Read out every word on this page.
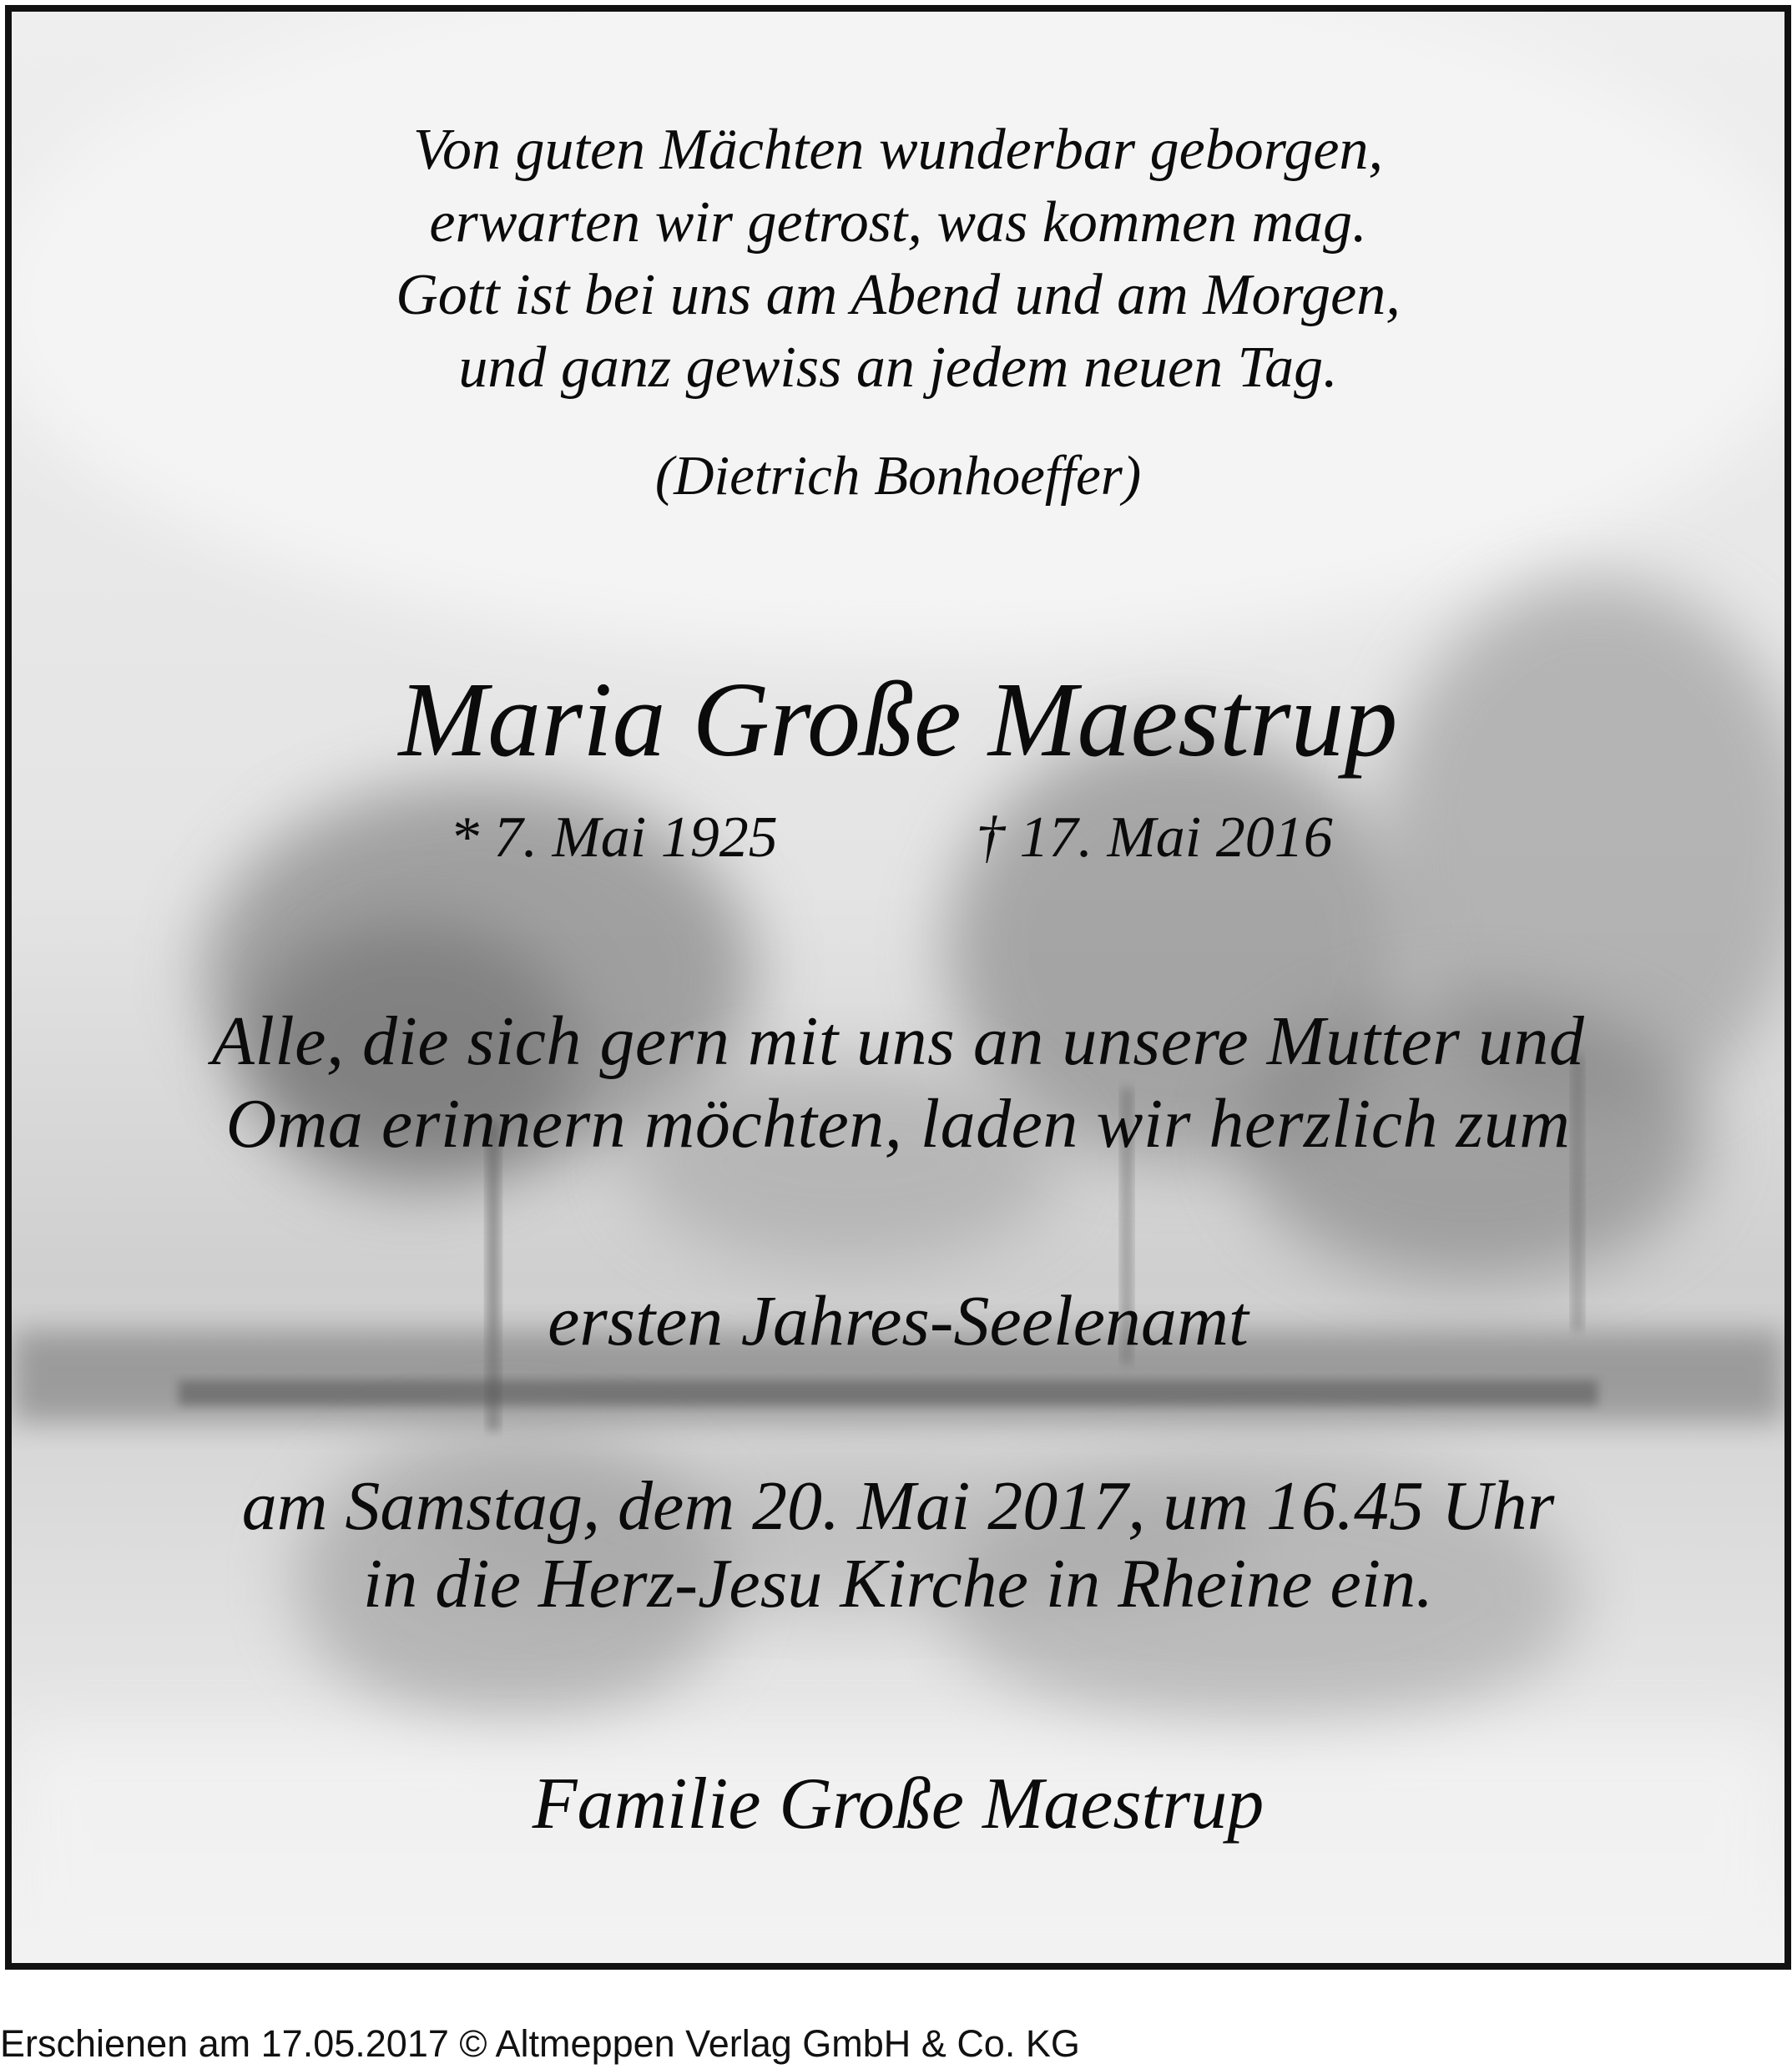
Von guten Mächten wunderbar geborgen,
erwarten wir getrost, was kommen mag.
Gott ist bei uns am Abend und am Morgen,
und ganz gewiss an jedem neuen Tag.
(Dietrich Bonhoeffer)
Maria Große Maestrup
* 7. Mai 1925	† 17. Mai 2016
Alle, die sich gern mit uns an unsere Mutter und
Oma erinnern möchten, laden wir herzlich zum
ersten Jahres-Seelenamt
am Samstag, dem 20. Mai 2017, um 16.45 Uhr
in die Herz-Jesu Kirche in Rheine ein.
Familie Große Maestrup
Erschienen am 17.05.2017 © Altmeppen Verlag GmbH & Co. KG
